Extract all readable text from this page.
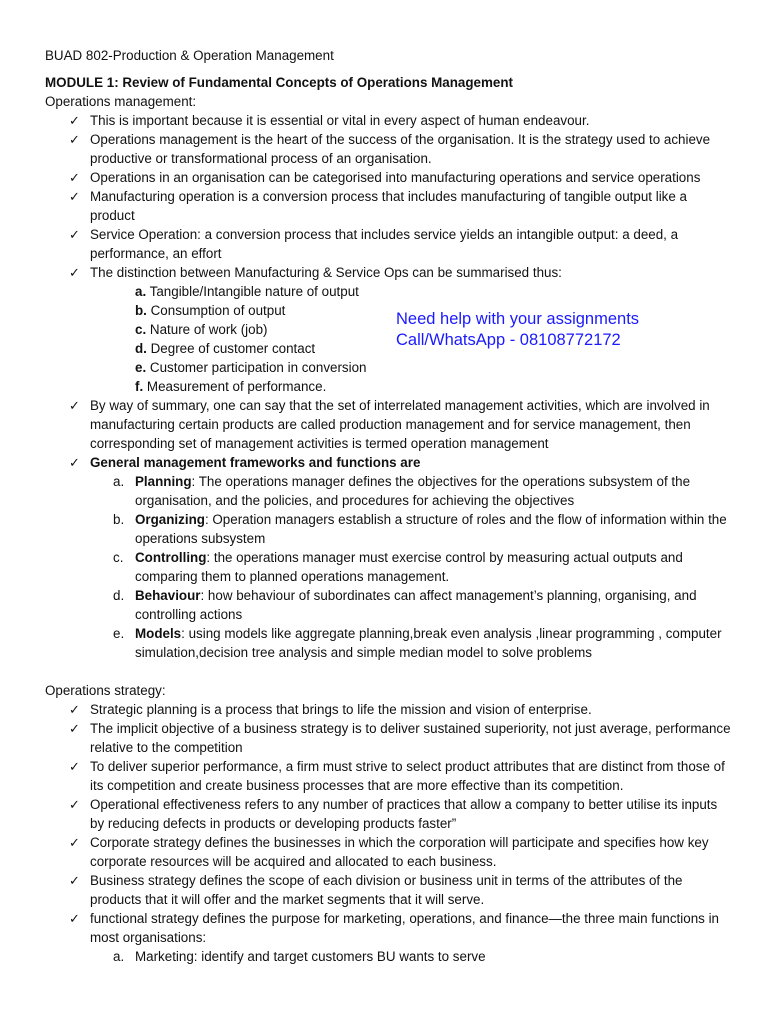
BUAD 802-Production & Operation Management
MODULE 1: Review of Fundamental Concepts of Operations Management
Operations management:
✓ This is important because it is essential or vital in every aspect of human endeavour.
✓ Operations management is the heart of the success of the organisation. It is the strategy used to achieve productive or transformational process of an organisation.
✓ Operations in an organisation can be categorised into manufacturing operations and service operations
✓ Manufacturing operation is a conversion process that includes manufacturing of tangible output like a product
✓ Service Operation: a conversion process that includes service yields an intangible output: a deed, a performance, an effort
✓ The distinction between Manufacturing & Service Ops can be summarised thus:
a. Tangible/Intangible nature of output
b. Consumption of output
c. Nature of work (job)
d. Degree of customer contact
e. Customer participation in conversion
f. Measurement of performance.
✓ By way of summary, one can say that the set of interrelated management activities, which are involved in manufacturing certain products are called production management and for service management, then corresponding set of management activities is termed operation management
✓ General management frameworks and functions are
a. Planning: The operations manager defines the objectives for the operations subsystem of the organisation, and the policies, and procedures for achieving the objectives
b. Organizing: Operation managers establish a structure of roles and the flow of information within the operations subsystem
c. Controlling: the operations manager must exercise control by measuring actual outputs and comparing them to planned operations management.
d. Behaviour: how behaviour of subordinates can affect management’s planning, organising, and controlling actions
e. Models: using models like aggregate planning,break even analysis ,linear programming , computer simulation,decision tree analysis and simple median model to solve problems
Operations strategy:
✓ Strategic planning is a process that brings to life the mission and vision of enterprise.
✓ The implicit objective of a business strategy is to deliver sustained superiority, not just average, performance relative to the competition
✓ To deliver superior performance, a firm must strive to select product attributes that are distinct from those of its competition and create business processes that are more effective than its competition.
✓ Operational effectiveness refers to any number of practices that allow a company to better utilise its inputs by reducing defects in products or developing products faster”
✓ Corporate strategy defines the businesses in which the corporation will participate and specifies how key corporate resources will be acquired and allocated to each business.
✓ Business strategy defines the scope of each division or business unit in terms of the attributes of the products that it will offer and the market segments that it will serve.
✓ functional strategy defines the purpose for marketing, operations, and finance—the three main functions in most organisations:
a. Marketing: identify and target customers BU wants to serve
Need help with your assignments
Call/WhatsApp - 08108772172
